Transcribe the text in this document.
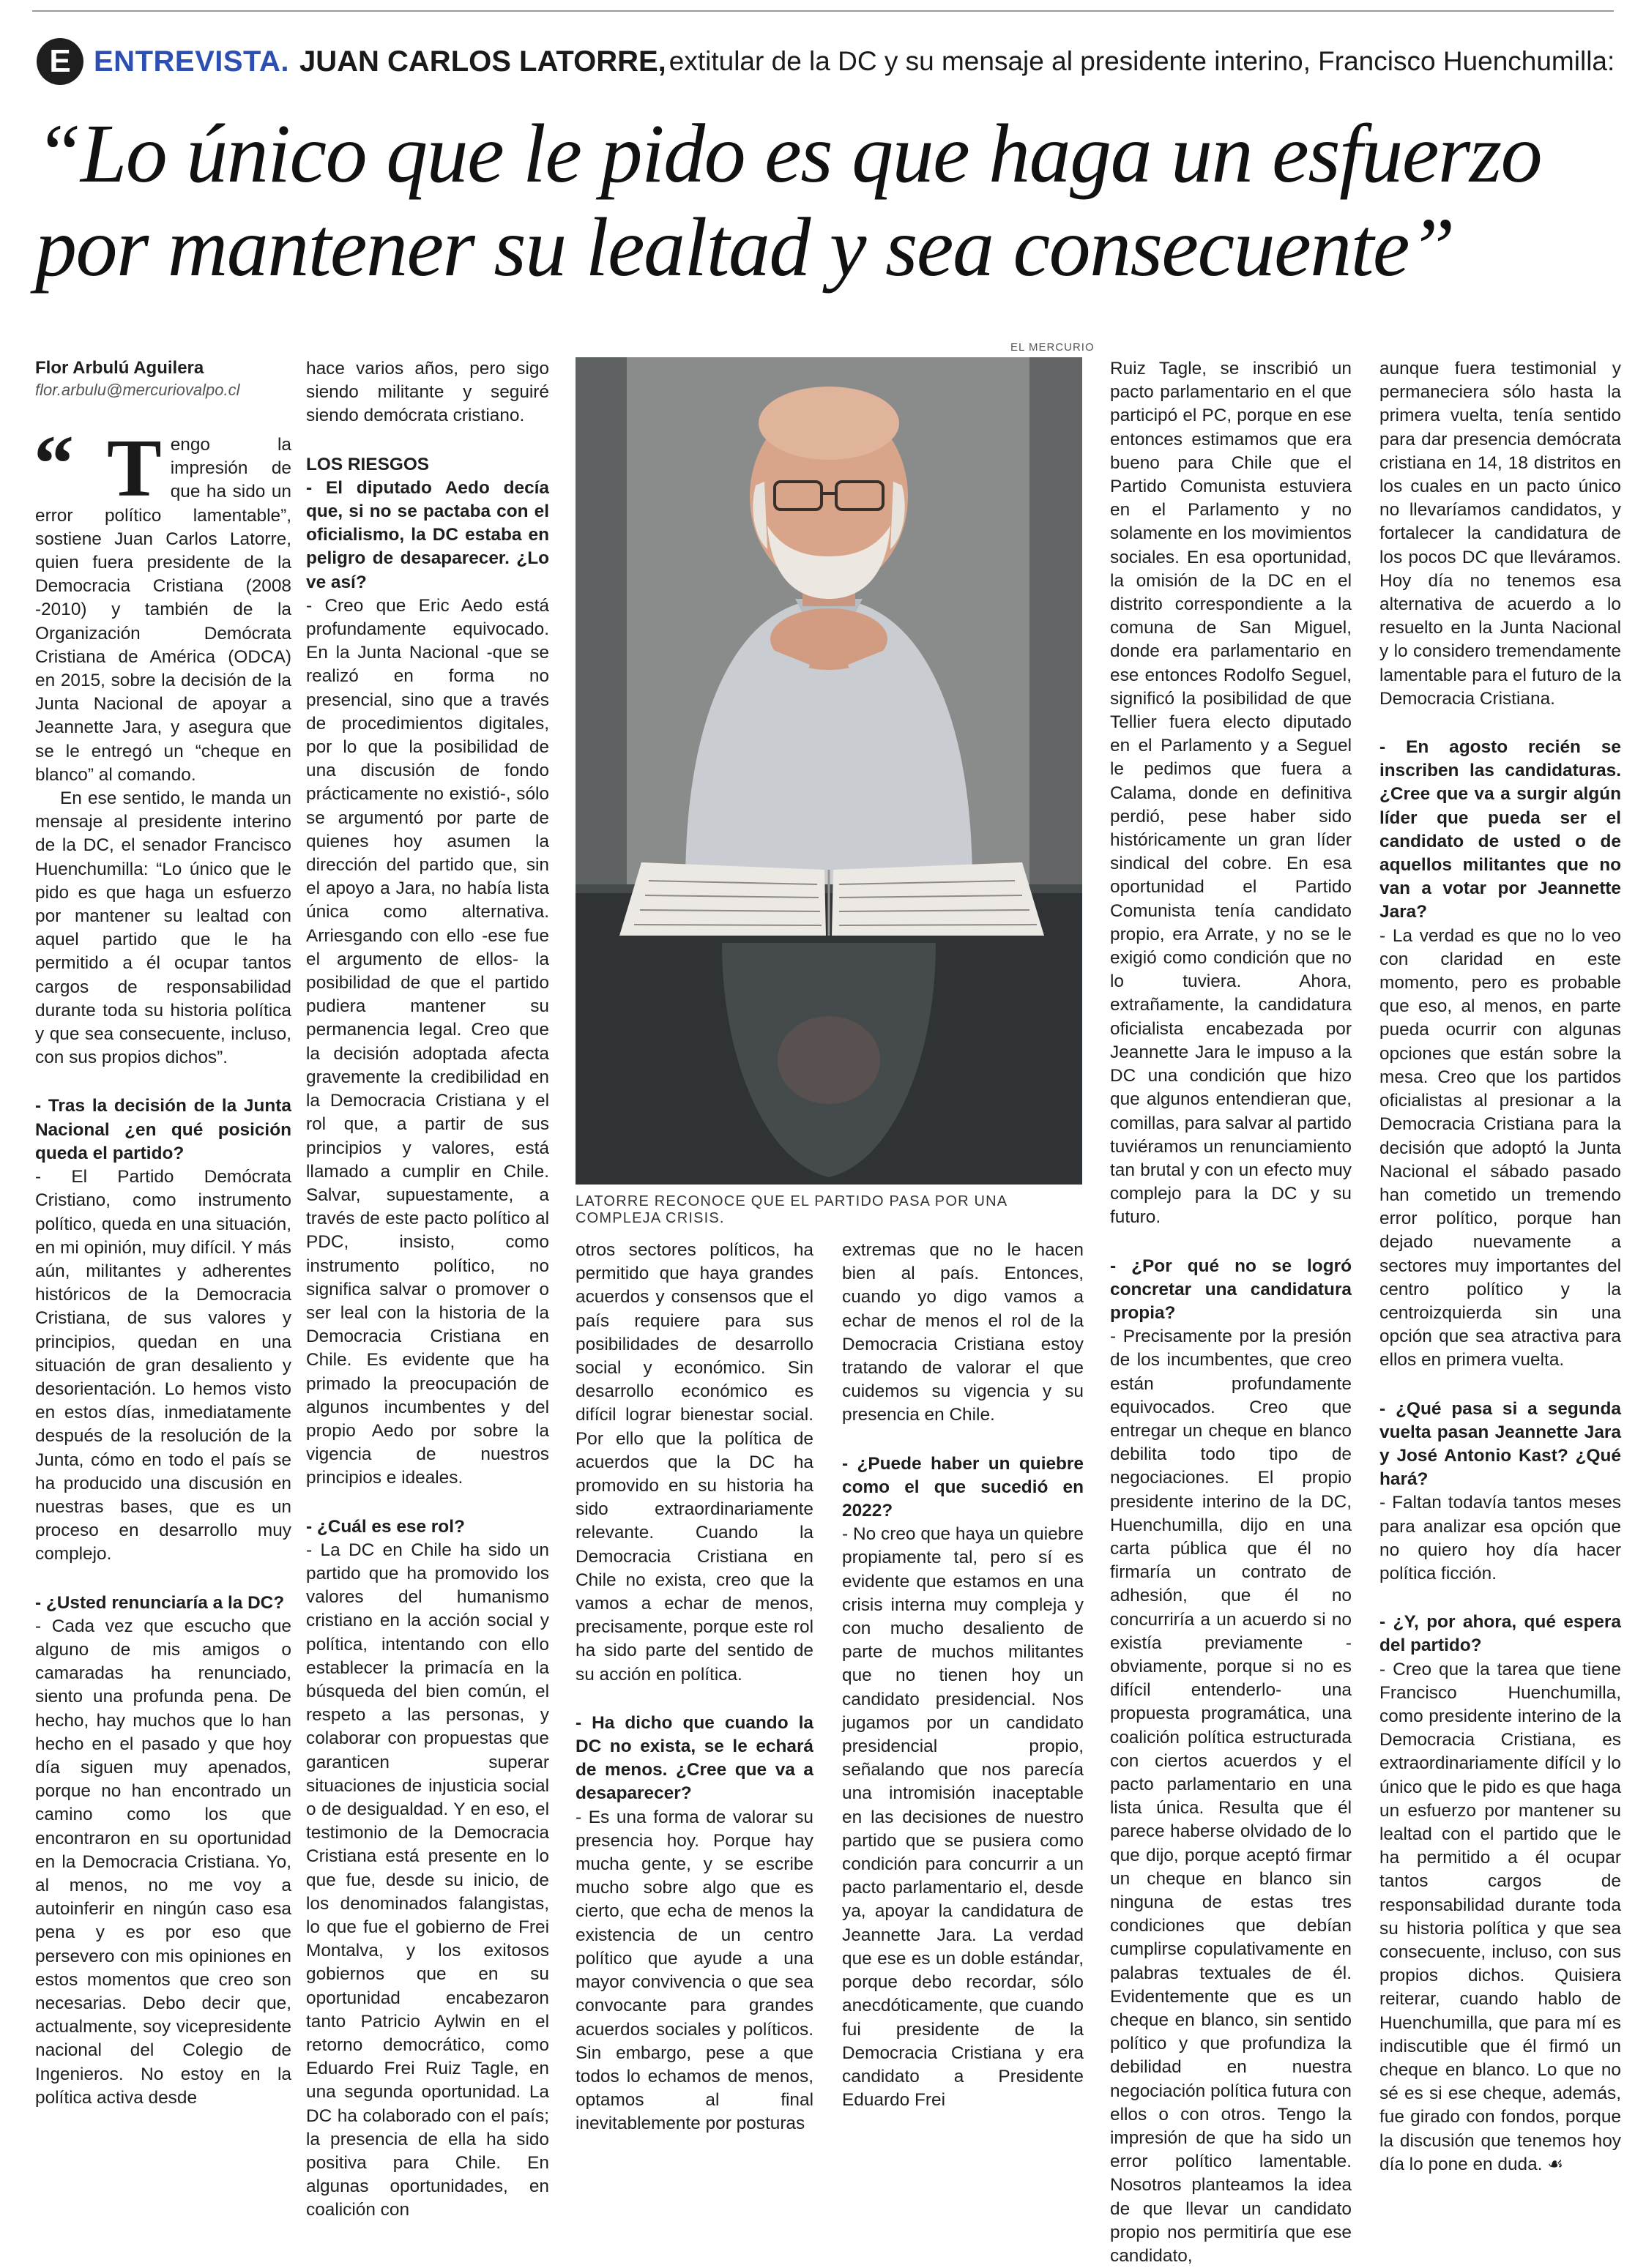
E ENTREVISTA. JUAN CARLOS LATORRE, extitular de la DC y su mensaje al presidente interino, Francisco Huenchumilla:
“Lo único que le pido es que haga un esfuerzo
por mantener su lealtad y sea consecuente”
Flor Arbulú Aguilera
flor.arbulu@mercuriovalpo.cl
“ T engo la impresión de que ha sido un error político lamentable”, sostiene Juan Carlos Latorre, quien fuera presidente de la Democracia Cristiana (2008 -2010) y también de la Organización Demócrata Cristiana de América (ODCA) en 2015, sobre la decisión de la Junta Nacional de apoyar a Jeannette Jara, y asegura que se le entregó un “cheque en blanco” al comando.

En ese sentido, le manda un mensaje al presidente interino de la DC, el senador Francisco Huenchumilla: “Lo único que le pido es que haga un esfuerzo por mantener su lealtad con aquel partido que le ha permitido a él ocupar tantos cargos de responsabilidad durante toda su historia política y que sea consecuente, incluso, con sus propios dichos”.

- Tras la decisión de la Junta Nacional ¿en qué posición queda el partido?

- El Partido Demócrata Cristiano, como instrumento político, queda en una situación, en mi opinión, muy difícil. Y más aún, militantes y adherentes históricos de la Democracia Cristiana, de sus valores y principios, quedan en una situación de gran desaliento y desorientación. Lo hemos visto en estos días, inmediatamente después de la resolución de la Junta, cómo en todo el país se ha producido una discusión en nuestras bases, que es un proceso en desarrollo muy complejo.

- ¿Usted renunciaría a la DC?

- Cada vez que escucho que alguno de mis amigos o camaradas ha renunciado, siento una profunda pena. De hecho, hay muchos que lo han hecho en el pasado y que hoy día siguen muy apenados, porque no han encontrado un camino como los que encontraron en su oportunidad en la Democracia Cristiana. Yo, al menos, no me voy a autoinferir en ningún caso esa pena y es por eso que persevero con mis opiniones en estos momentos que creo son necesarias. Debo decir que, actualmente, soy vicepresidente nacional del Colegio de Ingenieros. No estoy en la política activa desde

hace varios años, pero sigo siendo militante y seguiré siendo demócrata cristiano.

LOS RIESGOS

- El diputado Aedo decía que, si no se pactaba con el oficialismo, la DC estaba en peligro de desaparecer. ¿Lo ve así?

- Creo que Eric Aedo está profundamente equivocado. En la Junta Nacional -que se realizó en forma no presencial, sino que a través de procedimientos digitales, por lo que la posibilidad de una discusión de fondo prácticamente no existió-, sólo se argumentó por parte de quienes hoy asumen la dirección del partido que, sin el apoyo a Jara, no había lista única como alternativa. Arriesgando con ello -ese fue el argumento de ellos- la posibilidad de que el partido pudiera mantener su permanencia legal. Creo que la decisión adoptada afecta gravemente la credibilidad en la Democracia Cristiana y el rol que, a partir de sus principios y valores, está llamado a cumplir en Chile. Salvar, supuestamente, a través de este pacto político al PDC, insisto, como instrumento político, no significa salvar o promover o ser leal con la historia de la Democracia Cristiana en Chile. Es evidente que ha primado la preocupación de algunos incumbentes y del propio Aedo por sobre la vigencia de nuestros principios e ideales.

- ¿Cuál es ese rol?

- La DC en Chile ha sido un partido que ha promovido los valores del humanismo cristiano en la acción social y política, intentando con ello establecer la primacía en la búsqueda del bien común, el respeto a las personas, y colaborar con propuestas que garanticen superar situaciones de injusticia social o de desigualdad. Y en eso, el testimonio de la Democracia Cristiana está presente en lo que fue, desde su inicio, de los denominados falangistas, lo que fue el gobierno de Frei Montalva, y los exitosos gobiernos que en su oportunidad encabezaron tanto Patricio Aylwin en el retorno democrático, como Eduardo Frei Ruiz Tagle, en una segunda oportunidad. La DC ha colaborado con el país; la presencia de ella ha sido positiva para Chile. En algunas oportunidades, en coalición con

EL MERCURIO
LATORRE RECONOCE QUE EL PARTIDO PASA POR UNA COMPLEJA CRISIS.

otros sectores políticos, ha permitido que haya grandes acuerdos y consensos que el país requiere para sus posibilidades de desarrollo social y económico. Sin desarrollo económico es difícil lograr bienestar social. Por ello que la política de acuerdos que la DC ha promovido en su historia ha sido extraordinariamente relevante. Cuando la Democracia Cristiana en Chile no exista, creo que la vamos a echar de menos, precisamente, porque este rol ha sido parte del sentido de su acción en política.

- Ha dicho que cuando la DC no exista, se le echará de menos. ¿Cree que va a desaparecer?

- Es una forma de valorar su presencia hoy. Porque hay mucha gente, y se escribe mucho sobre algo que es cierto, que echa de menos la existencia de un centro político que ayude a una mayor convivencia o que sea convocante para grandes acuerdos sociales y políticos. Sin embargo, pese a que todos lo echamos de menos, optamos al final inevitablemente por posturas

extremas que no le hacen bien al país. Entonces, cuando yo digo vamos a echar de menos el rol de la Democracia Cristiana estoy tratando de valorar el que cuidemos su vigencia y su presencia en Chile.

- ¿Puede haber un quiebre como el que sucedió en 2022?

- No creo que haya un quiebre propiamente tal, pero sí es evidente que estamos en una crisis interna muy compleja y con mucho desaliento de parte de muchos militantes que no tienen hoy un candidato presidencial. Nos jugamos por un candidato presidencial propio, señalando que nos parecía una intromisión inaceptable en las decisiones de nuestro partido que se pusiera como condición para concurrir a un pacto parlamentario el, desde ya, apoyar la candidatura de Jeannette Jara. La verdad que ese es un doble estándar, porque debo recordar, sólo anecdóticamente, que cuando fui presidente de la Democracia Cristiana y era candidato a Presidente Eduardo Frei

Ruiz Tagle, se inscribió un pacto parlamentario en el que participó el PC, porque en ese entonces estimamos que era bueno para Chile que el Partido Comunista estuviera en el Parlamento y no solamente en los movimientos sociales. En esa oportunidad, la omisión de la DC en el distrito correspondiente a la comuna de San Miguel, donde era parlamentario en ese entonces Rodolfo Seguel, significó la posibilidad de que Tellier fuera electo diputado en el Parlamento y a Seguel le pedimos que fuera a Calama, donde en definitiva perdió, pese haber sido históricamente un gran líder sindical del cobre. En esa oportunidad el Partido Comunista tenía candidato propio, era Arrate, y no se le exigió como condición que no lo tuviera. Ahora, extrañamente, la candidatura oficialista encabezada por Jeannette Jara le impuso a la DC una condición que hizo que algunos entendieran que, comillas, para salvar al partido tuviéramos un renunciamiento tan brutal y con un efecto muy complejo para la DC y su futuro.

- ¿Por qué no se logró concretar una candidatura propia?

- Precisamente por la presión de los incumbentes, que creo están profundamente equivocados. Creo que entregar un cheque en blanco debilita todo tipo de negociaciones. El propio presidente interino de la DC, Huenchumilla, dijo en una carta pública que él no firmaría un contrato de adhesión, que él no concurriría a un acuerdo si no existía previamente -obviamente, porque si no es difícil entenderlo- una propuesta programática, una coalición política estructurada con ciertos acuerdos y el pacto parlamentario en una lista única. Resulta que él parece haberse olvidado de lo que dijo, porque aceptó firmar un cheque en blanco sin ninguna de estas tres condiciones que debían cumplirse copulativamente en palabras textuales de él. Evidentemente que es un cheque en blanco, sin sentido político y que profundiza la debilidad en nuestra negociación política futura con ellos o con otros. Tengo la impresión de que ha sido un error político lamentable. Nosotros planteamos la idea de que llevar un candidato propio nos permitiría que ese candidato,

aunque fuera testimonial y permaneciera sólo hasta la primera vuelta, tenía sentido para dar presencia demócrata cristiana en 14, 18 distritos en los cuales en un pacto único no llevaríamos candidatos, y fortalecer la candidatura de los pocos DC que lleváramos. Hoy día no tenemos esa alternativa de acuerdo a lo resuelto en la Junta Nacional y lo considero tremendamente lamentable para el futuro de la Democracia Cristiana.

- En agosto recién se inscriben las candidaturas. ¿Cree que va a surgir algún líder que pueda ser el candidato de usted o de aquellos militantes que no van a votar por Jeannette Jara?

- La verdad es que no lo veo con claridad en este momento, pero es probable que eso, al menos, en parte pueda ocurrir con algunas opciones que están sobre la mesa. Creo que los partidos oficialistas al presionar a la Democracia Cristiana para la decisión que adoptó la Junta Nacional el sábado pasado han cometido un tremendo error político, porque han dejado nuevamente a sectores muy importantes del centro político y la centroizquierda sin una opción que sea atractiva para ellos en primera vuelta.

- ¿Qué pasa si a segunda vuelta pasan Jeannette Jara y José Antonio Kast? ¿Qué hará?

- Faltan todavía tantos meses para analizar esa opción que no quiero hoy día hacer política ficción.

- ¿Y, por ahora, qué espera del partido?

- Creo que la tarea que tiene Francisco Huenchumilla, como presidente interino de la Democracia Cristiana, es extraordinariamente difícil y lo único que le pido es que haga un esfuerzo por mantener su lealtad con el partido que le ha permitido a él ocupar tantos cargos de responsabilidad durante toda su historia política y que sea consecuente, incluso, con sus propios dichos. Quisiera reiterar, cuando hablo de Huenchumilla, que para mí es indiscutible que él firmó un cheque en blanco. Lo que no sé es si ese cheque, además, fue girado con fondos, porque la discusión que tenemos hoy día lo pone en duda. ☙
